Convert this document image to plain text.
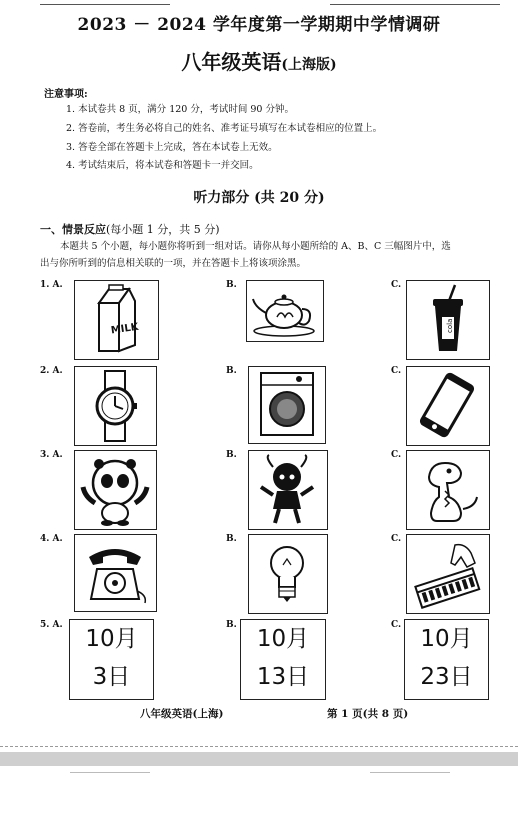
2023 － 2024 学年度第一学期期中学情调研
八年级英语(上海版)
注意事项:
1. 本试卷共 8 页，满分 120 分，考试时间 90 分钟。
2. 答卷前，考生务必将自己的姓名、准考证号填写在本试卷相应的位置上。
3. 答卷全部在答题卡上完成，答在本试卷上无效。
4. 考试结束后，将本试卷和答题卡一并交回。
听力部分 (共 20 分)
一、情景反应(每小题 1 分，共 5 分)
本题共 5 个小题，每小题你将听到一组对话。请你从每小题所给的 A、B、C 三幅图片中，选
出与你所听到的信息相关联的一项，并在答题卡上将该项涂黑。
1. A.	B.	C.
MILK	cola
2. A.	B.	C.
3. A.	B.	C.
4. A.	B.	C.
5. A.	B.	C.
10月
3日
10月
13日
10月
23日
八年级英语(上海)	第 1 页(共 8 页)
